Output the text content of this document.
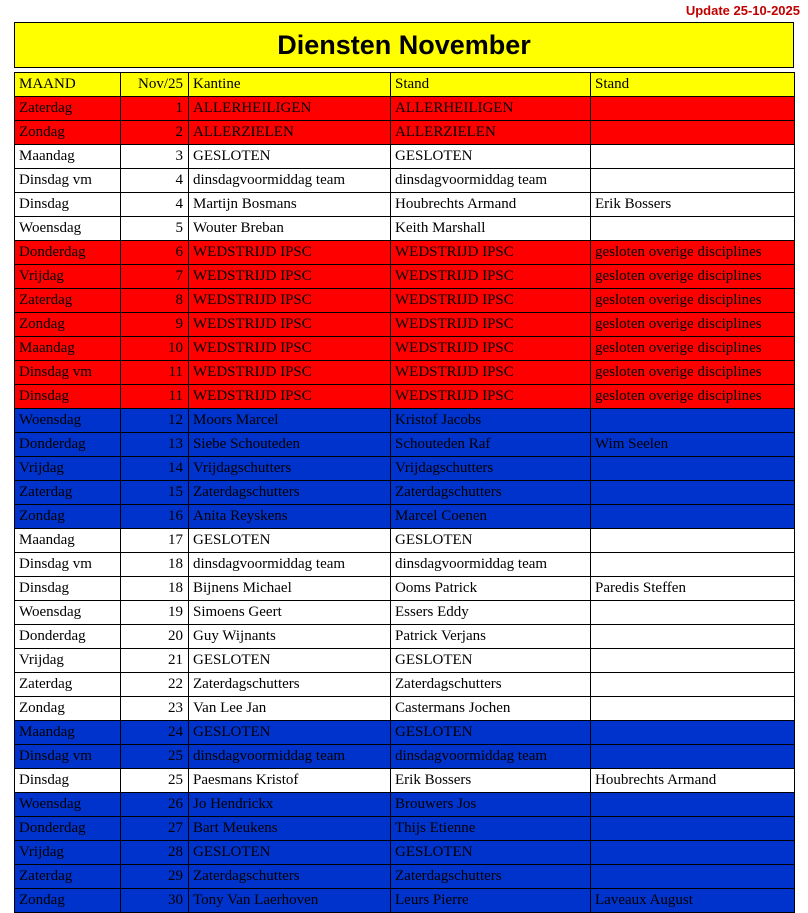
Update 25-10-2025
Diensten November
MAAND	Nov/25	Kantine	Stand	Stand
Zaterdag	1	ALLERHEILIGEN	ALLERHEILIGEN	
Zondag	2	ALLERZIELEN	ALLERZIELEN	
Maandag	3	GESLOTEN	GESLOTEN	
Dinsdag vm	4	dinsdagvoormiddag team	dinsdagvoormiddag team	
Dinsdag	4	Martijn Bosmans	Houbrechts Armand	Erik Bossers
Woensdag	5	Wouter Breban	Keith Marshall	
Donderdag	6	WEDSTRIJD IPSC	WEDSTRIJD IPSC	gesloten overige disciplines
Vrijdag	7	WEDSTRIJD IPSC	WEDSTRIJD IPSC	gesloten overige disciplines
Zaterdag	8	WEDSTRIJD IPSC	WEDSTRIJD IPSC	gesloten overige disciplines
Zondag	9	WEDSTRIJD IPSC	WEDSTRIJD IPSC	gesloten overige disciplines
Maandag	10	WEDSTRIJD IPSC	WEDSTRIJD IPSC	gesloten overige disciplines
Dinsdag vm	11	WEDSTRIJD IPSC	WEDSTRIJD IPSC	gesloten overige disciplines
Dinsdag	11	WEDSTRIJD IPSC	WEDSTRIJD IPSC	gesloten overige disciplines
Woensdag	12	Moors Marcel	Kristof Jacobs	
Donderdag	13	Siebe Schouteden	Schouteden Raf	Wim Seelen
Vrijdag	14	Vrijdagschutters	Vrijdagschutters	
Zaterdag	15	Zaterdagschutters	Zaterdagschutters	
Zondag	16	Anita Reyskens	Marcel Coenen	
Maandag	17	GESLOTEN	GESLOTEN	
Dinsdag vm	18	dinsdagvoormiddag team	dinsdagvoormiddag team	
Dinsdag	18	Bijnens Michael	Ooms Patrick	Paredis Steffen
Woensdag	19	Simoens Geert	Essers Eddy	
Donderdag	20	Guy Wijnants	Patrick Verjans	
Vrijdag	21	GESLOTEN	GESLOTEN	
Zaterdag	22	Zaterdagschutters	Zaterdagschutters	
Zondag	23	Van Lee Jan	Castermans Jochen	
Maandag	24	GESLOTEN	GESLOTEN	
Dinsdag vm	25	dinsdagvoormiddag team	dinsdagvoormiddag team	
Dinsdag	25	Paesmans Kristof	Erik Bossers	Houbrechts Armand
Woensdag	26	Jo Hendrickx	Brouwers Jos	
Donderdag	27	Bart Meukens	Thijs Etienne	
Vrijdag	28	GESLOTEN	GESLOTEN	
Zaterdag	29	Zaterdagschutters	Zaterdagschutters	
Zondag	30	Tony Van Laerhoven	Leurs Pierre	Laveaux August
